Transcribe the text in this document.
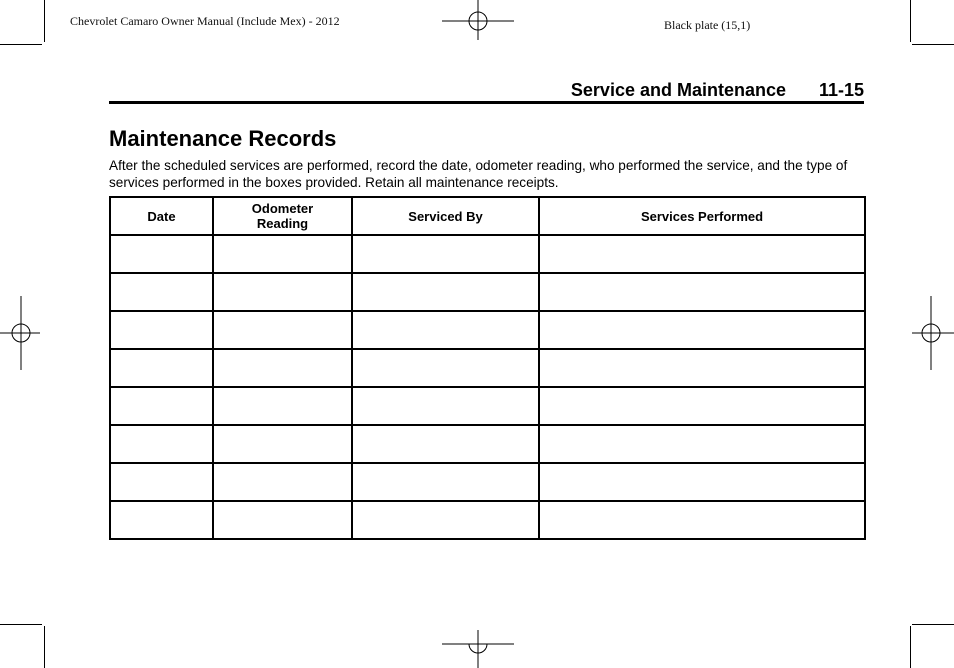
Chevrolet Camaro Owner Manual (Include Mex) - 2012	Black plate (15,1)
Service and Maintenance 11-15
Maintenance Records
After the scheduled services are performed, record the date, odometer reading, who performed the service, and the type of services performed in the boxes provided. Retain all maintenance receipts.
Date	Odometer Reading	Serviced By	Services Performed
